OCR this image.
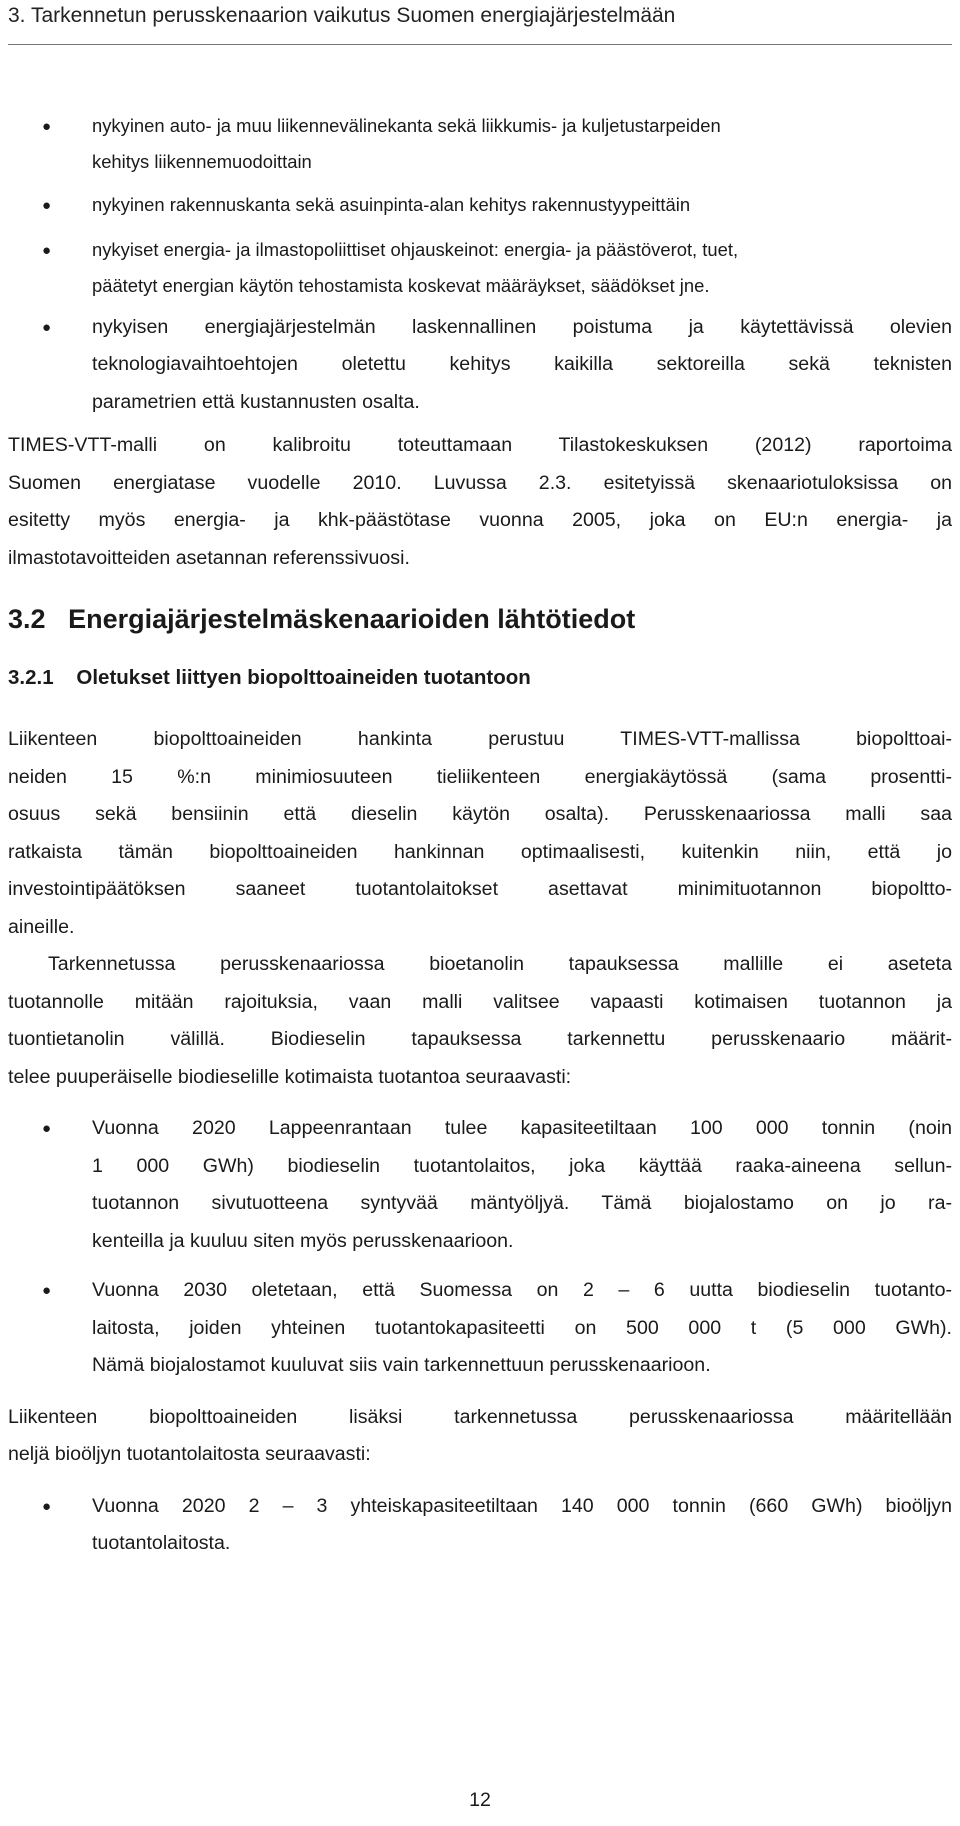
3. Tarkennetun perusskenaarion vaikutus Suomen energiajärjestelmään
●	nykyinen auto- ja muu liikennevälinekanta sekä liikkumis- ja kuljetustarpeiden
kehitys liikennemuodoittain
●	nykyinen rakennuskanta sekä asuinpinta-alan kehitys rakennustyypeittäin
●	nykyiset energia- ja ilmastopoliittiset ohjauskeinot: energia- ja päästöverot, tuet,
päätetyt energian käytön tehostamista koskevat määräykset, säädökset jne.
●	nykyisen energiajärjestelmän laskennallinen poistuma ja käytettävissä olevien
teknologiavaihtoehtojen oletettu kehitys kaikilla sektoreilla sekä teknisten
parametrien että kustannusten osalta.

TIMES-VTT-malli on kalibroitu toteuttamaan Tilastokeskuksen (2012) raportoima
Suomen energiatase vuodelle 2010. Luvussa 2.3. esitetyissä skenaariotuloksissa on
esitetty myös energia- ja khk-päästötase vuonna 2005, joka on EU:n energia- ja
ilmastotavoitteiden asetannan referenssivuosi.

3.2 Energiajärjestelmäskenaarioiden lähtötiedot
3.2.1 Oletukset liittyen biopolttoaineiden tuotantoon

Liikenteen biopolttoaineiden hankinta perustuu TIMES-VTT-mallissa biopolttoai-
neiden 15 %:n minimiosuuteen tieliikenteen energiakäytössä (sama prosentti-
osuus sekä bensiinin että dieselin käytön osalta). Perusskenaariossa malli saa
ratkaista tämän biopolttoaineiden hankinnan optimaalisesti, kuitenkin niin, että jo
investointipäätöksen saaneet tuotantolaitokset asettavat minimituotannon biopoltto-
aineille.

Tarkennetussa perusskenaariossa bioetanolin tapauksessa mallille ei aseteta
tuotannolle mitään rajoituksia, vaan malli valitsee vapaasti kotimaisen tuotannon ja
tuontietanolin välillä. Biodieselin tapauksessa tarkennettu perusskenaario määrit-
telee puuperäiselle biodieselille kotimaista tuotantoa seuraavasti:

●	Vuonna 2020 Lappeenrantaan tulee kapasiteetiltaan 100 000 tonnin (noin
1 000 GWh) biodieselin tuotantolaitos, joka käyttää raaka-aineena sellun-
tuotannon sivutuotteena syntyvää mäntyöljyä. Tämä biojalostamo on jo ra-
kenteilla ja kuuluu siten myös perusskenaarioon.
●	Vuonna 2030 oletetaan, että Suomessa on 2 – 6 uutta biodieselin tuotanto-
laitosta, joiden yhteinen tuotantokapasiteetti on 500 000 t (5 000 GWh).
Nämä biojalostamot kuuluvat siis vain tarkennettuun perusskenaarioon.

Liikenteen biopolttoaineiden lisäksi tarkennetussa perusskenaariossa määritellään
neljä bioöljyn tuotantolaitosta seuraavasti:

●	Vuonna 2020 2 – 3 yhteiskapasiteetiltaan 140 000 tonnin (660 GWh) bioöljyn
tuotantolaitosta.
12
